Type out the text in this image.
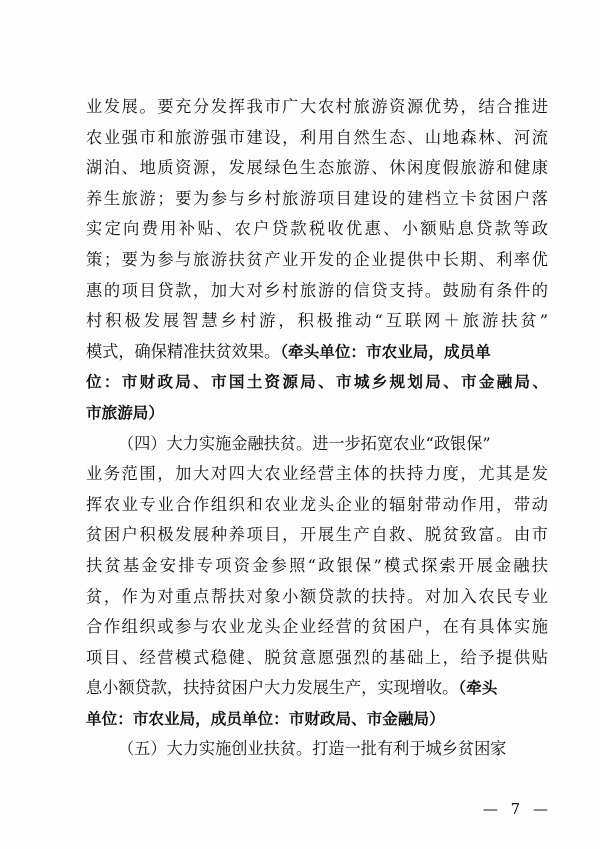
业发展。要充分发挥我市广大农村旅游资源优势，结合推进
农业强市和旅游强市建设，利用自然生态、山地森林、河流
湖泊、地质资源，发展绿色生态旅游、休闲度假旅游和健康
养生旅游；要为参与乡村旅游项目建设的建档立卡贫困户落
实定向费用补贴、农户贷款税收优惠、小额贴息贷款等政
策；要为参与旅游扶贫产业开发的企业提供中长期、利率优
惠的项目贷款，加大对乡村旅游的信贷支持。鼓励有条件的
村积极发展智慧乡村游，积极推动“互联网＋旅游扶贫”
模式，确保精准扶贫效果。（牵头单位：市农业局，成员单
位：市财政局、市国土资源局、市城乡规划局、市金融局、
市旅游局）
（四）大力实施金融扶贫。进一步拓宽农业“政银保”
业务范围，加大对四大农业经营主体的扶持力度，尤其是发
挥农业专业合作组织和农业龙头企业的辐射带动作用，带动
贫困户积极发展种养项目，开展生产自救、脱贫致富。由市
扶贫基金安排专项资金参照“政银保”模式探索开展金融扶
贫，作为对重点帮扶对象小额贷款的扶持。对加入农民专业
合作组织或参与农业龙头企业经营的贫困户，在有具体实施
项目、经营模式稳健、脱贫意愿强烈的基础上，给予提供贴
息小额贷款，扶持贫困户大力发展生产，实现增收。（牵头
单位：市农业局，成员单位：市财政局、市金融局）
（五）大力实施创业扶贫。打造一批有利于城乡贫困家
— 7 —
